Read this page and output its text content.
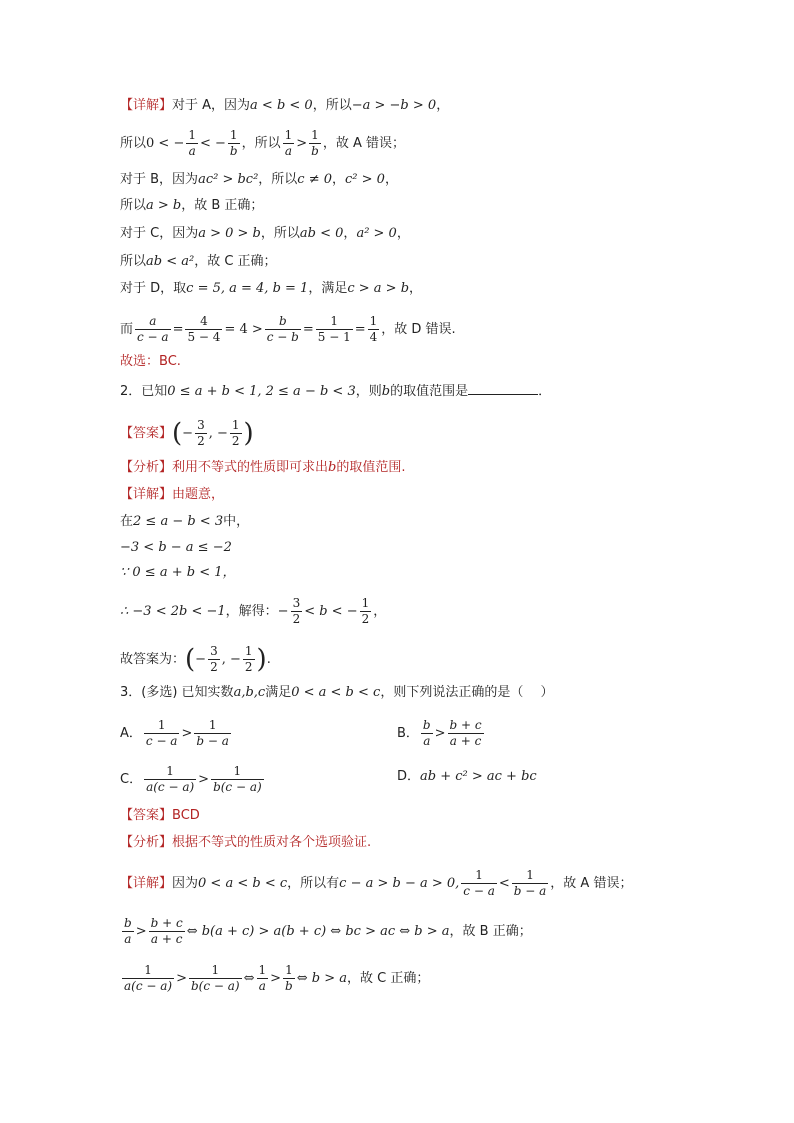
【详解】对于 A，因为a < b < 0，所以−a > −b > 0，
所以0 < − $\frac{1}{a}$ < − $\frac{1}{b}$ ，所以 $\frac{1}{a} > \frac{1}{b}$ ，故 A 错误；
对于 B，因为ac² > bc²，所以c ≠ 0，c² > 0，
所以a > b，故 B 正确；
对于 C，因为a > 0 > b，所以ab < 0，a² > 0，
所以ab < a²，故 C 正确；
对于 D，取c = 5, a = 4, b = 1，满足c > a > b，
而 $\frac{a}{c - a} = \frac{4}{5 - 4} = 4 > \frac{b}{c - b} = \frac{1}{5 - 1} = \frac{1}{4}$ ，故 D 错误.
故选：BC.
2．已知0 ≤ a + b < 1, 2 ≤ a − b < 3，则b的取值范围是	．
【答案】(− $\frac{3}{2}$ , − $\frac{1}{2}$ )
【分析】利用不等式的性质即可求出b的取值范围.
【详解】由题意，
在2 ≤ a − b < 3中，
−3 < b − a ≤ −2
∵ 0 ≤ a + b < 1，
∴ −3 < 2b < −1，解得：− $\frac{3}{2} < b$ < − $\frac{1}{2}$ ，
故答案为：(− $\frac{3}{2}$ , − $\frac{1}{2}$ ).
3．(多选) 已知实数a,b,c满足0 < a < b < c，则下列说法正确的是（　 ）
A． $\frac{1}{c - a} > \frac{1}{b - a}$	B． $\frac{b}{a} > \frac{b + c}{a + c}$
C． $\frac{1}{a(c - a)} > \frac{1}{b(c - a)}$	D．ab + c² > ac + bc
【答案】BCD
【分析】根据不等式的性质对各个选项验证.
【详解】因为0 < a < b < c，所以有c − a > b − a > 0, $\frac{1}{c - a} < \frac{1}{b - a}$ ，故 A 错误；
$\frac{b}{a} > \frac{b + c}{a + c}$ ⇔ b(a + c) > a(b + c) ⇔ bc > ac ⇔ b > a，故 B 正确；
$\frac{1}{a(c - a)} > \frac{1}{b(c - a)}$ ⇔ $\frac{1}{a} > \frac{1}{b}$ ⇔ b > a，故 C 正确；
